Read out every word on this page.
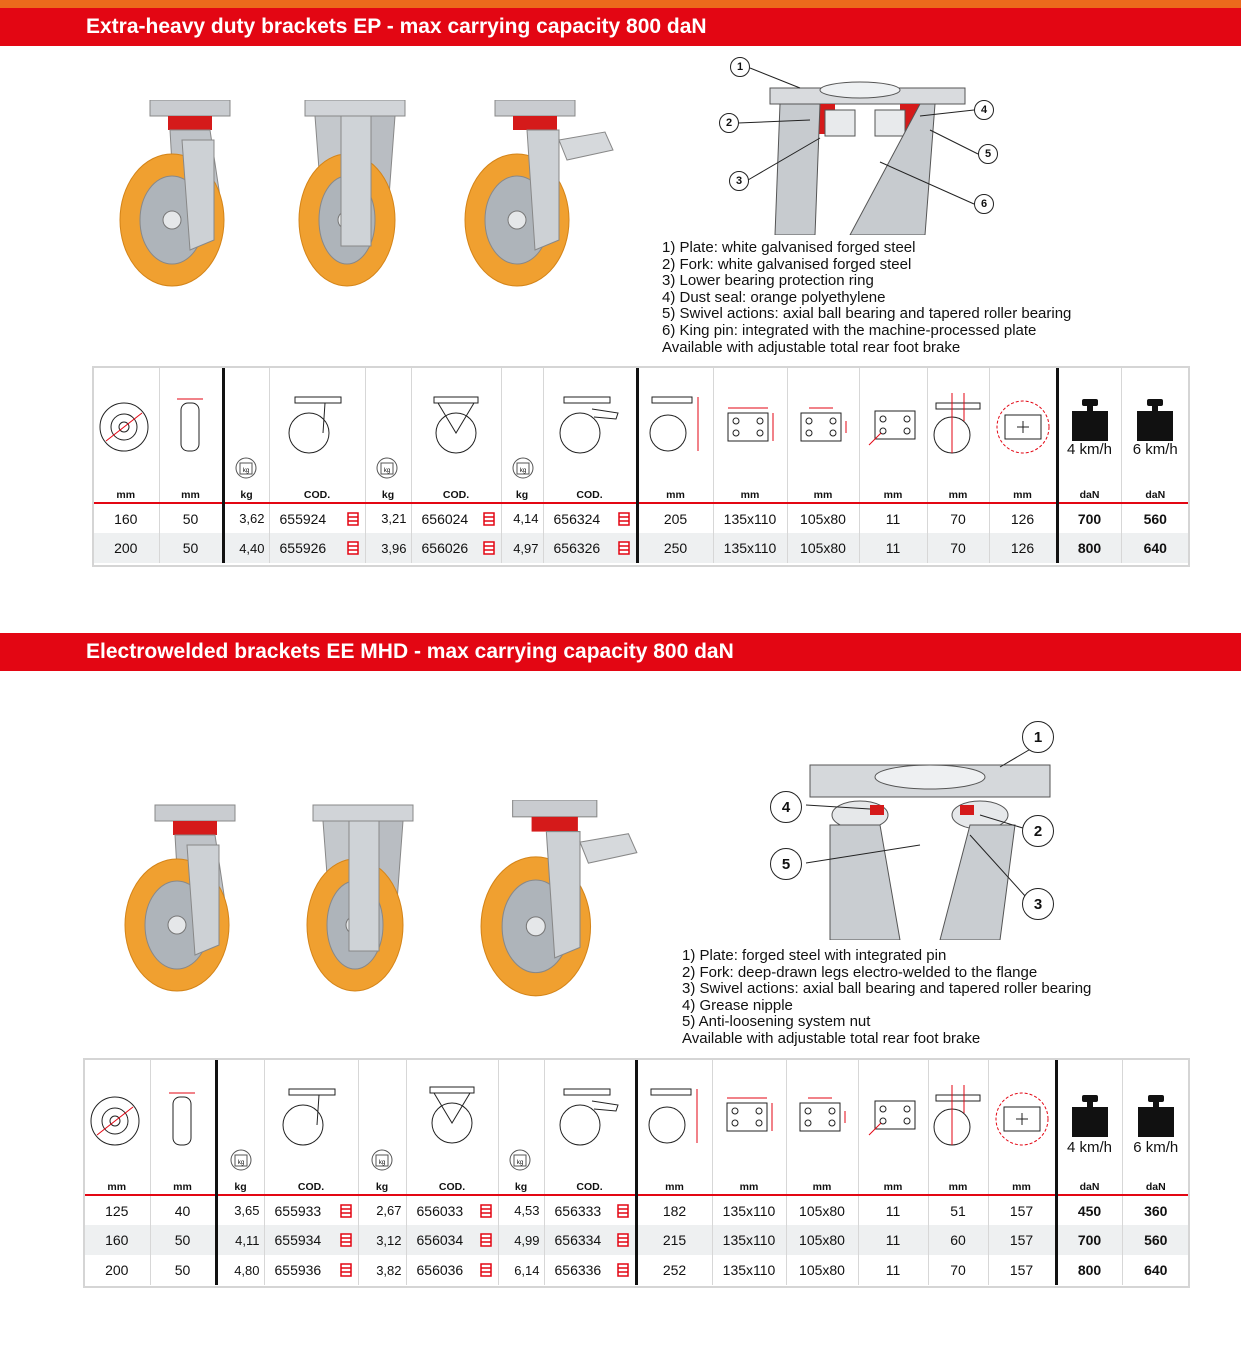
Extra-heavy duty brackets EP - max carrying capacity 800 daN
1
2
3
4
5
6
1) Plate: white galvanised forged steel
2) Fork: white galvanised forged steel
3) Lower bearing protection ring
4) Dust seal: orange polyethylene
5) Swivel actions: axial ball bearing and tapered roller bearing
6) King pin: integrated with the machine-processed plate
Available with adjustable total rear foot brake

4 km/h	6 km/h

mm	mm	kg	COD.	kg	COD.	kg	COD.	mm	mm	mm	mm	mm	mm	daN	daN
160	50	3,62	655924	3,21	656024	4,14	656324	205	135x110	105x80	11	70	126	700	560
200	50	4,40	655926	3,96	656026	4,97	656326	250	135x110	105x80	11	70	126	800	640
Electrowelded brackets EE MHD - max carrying capacity 800 daN
1
2
3
4
5
1) Plate: forged steel with integrated pin
2) Fork: deep-drawn legs electro-welded to the flange
3) Swivel actions: axial ball bearing and tapered roller bearing
4) Grease nipple
5) Anti-loosening system nut
Available with adjustable total rear foot brake

4 km/h	6 km/h

mm	mm	kg	COD.	kg	COD.	kg	COD.	mm	mm	mm	mm	mm	mm	daN	daN
125	40	3,65	655933	2,67	656033	4,53	656333	182	135x110	105x80	11	51	157	450	360
160	50	4,11	655934	3,12	656034	4,99	656334	215	135x110	105x80	11	60	157	700	560
200	50	4,80	655936	3,82	656036	6,14	656336	252	135x110	105x80	11	70	157	800	640
